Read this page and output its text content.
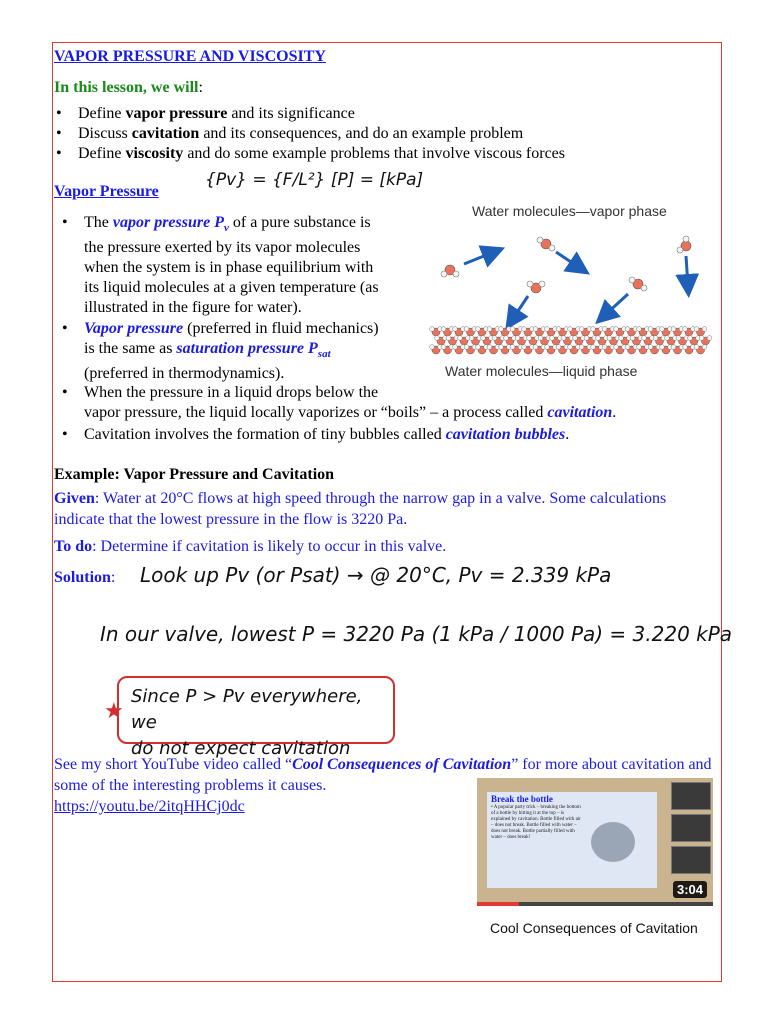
VAPOR PRESSURE AND VISCOSITY
In this lesson, we will:
• Define vapor pressure and its significance
• Discuss cavitation and its consequences, and do an example problem
• Define viscosity and do some example problems that involve viscous forces
Vapor Pressure
{Pv} = {F/L²} [P] = [kPa]
• The vapor pressure $P_v$ of a pure substance is
the pressure exerted by its vapor molecules
when the system is in phase equilibrium with
its liquid molecules at a given temperature (as
illustrated in the figure for water).
• Vapor pressure (preferred in fluid mechanics)
is the same as saturation pressure $P_{sat}$
(preferred in thermodynamics).
• When the pressure in a liquid drops below the
vapor pressure, the liquid locally vaporizes or “boils” – a process called cavitation.
• Cavitation involves the formation of tiny bubbles called cavitation bubbles.
Water molecules—vapor phase
Water molecules—liquid phase
Example: Vapor Pressure and Cavitation
Given: Water at 20°C flows at high speed through the narrow gap in a valve. Some calculations indicate that the lowest pressure in the flow is 3220 Pa.
To do: Determine if cavitation is likely to occur in this valve.
Solution: Look up Pv (or Psat) → @ 20°C, Pv = 2.339 kPa
In our valve, lowest P = 3220 Pa (1 kPa / 1000 Pa) = 3.220 kPa
★
Since P > Pv everywhere, we
do not expect cavitation
See my short YouTube video called “Cool Consequences of Cavitation” for more about cavitation and some of the interesting problems it causes.
https://youtu.be/2itqHHCj0dc	Break the bottle
• A popular party trick – breaking the bottom of a bottle by hitting it at the top – is explained by cavitation. Bottle filled with air – does not break. Bottle filled with water – does not break. Bottle partially filled with water – does break!
3:04
Cool Consequences of Cavitation
